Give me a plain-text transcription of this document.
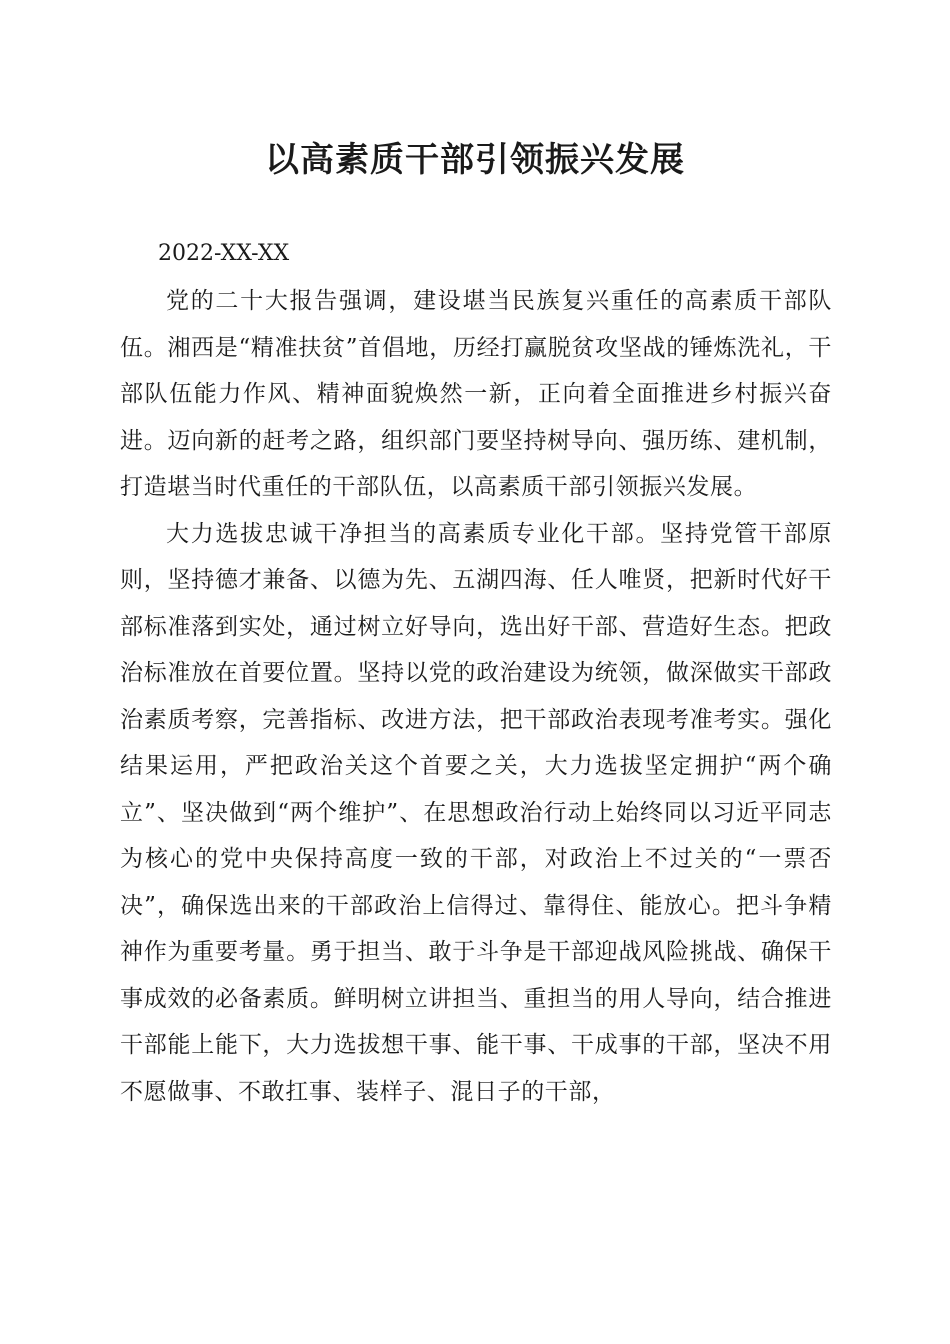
以高素质干部引领振兴发展

2022-XX-XX

党的二十大报告强调，建设堪当民族复兴重任的高素质干部队伍。湘西是“精准扶贫”首倡地，历经打赢脱贫攻坚战的锤炼洗礼，干部队伍能力作风、精神面貌焕然一新，正向着全面推进乡村振兴奋进。迈向新的赶考之路，组织部门要坚持树导向、强历练、建机制，打造堪当时代重任的干部队伍，以高素质干部引领振兴发展。

大力选拔忠诚干净担当的高素质专业化干部。坚持党管干部原则，坚持德才兼备、以德为先、五湖四海、任人唯贤，把新时代好干部标准落到实处，通过树立好导向，选出好干部、营造好生态。把政治标准放在首要位置。坚持以党的政治建设为统领，做深做实干部政治素质考察，完善指标、改进方法，把干部政治表现考准考实。强化结果运用，严把政治关这个首要之关，大力选拔坚定拥护“两个确立”、坚决做到“两个维护”、在思想政治行动上始终同以习近平同志为核心的党中央保持高度一致的干部，对政治上不过关的“一票否决”，确保选出来的干部政治上信得过、靠得住、能放心。把斗争精神作为重要考量。勇于担当、敢于斗争是干部迎战风险挑战、确保干事成效的必备素质。鲜明树立讲担当、重担当的用人导向，结合推进干部能上能下，大力选拔想干事、能干事、干成事的干部，坚决不用不愿做事、不敢扛事、装样子、混日子的干部，
